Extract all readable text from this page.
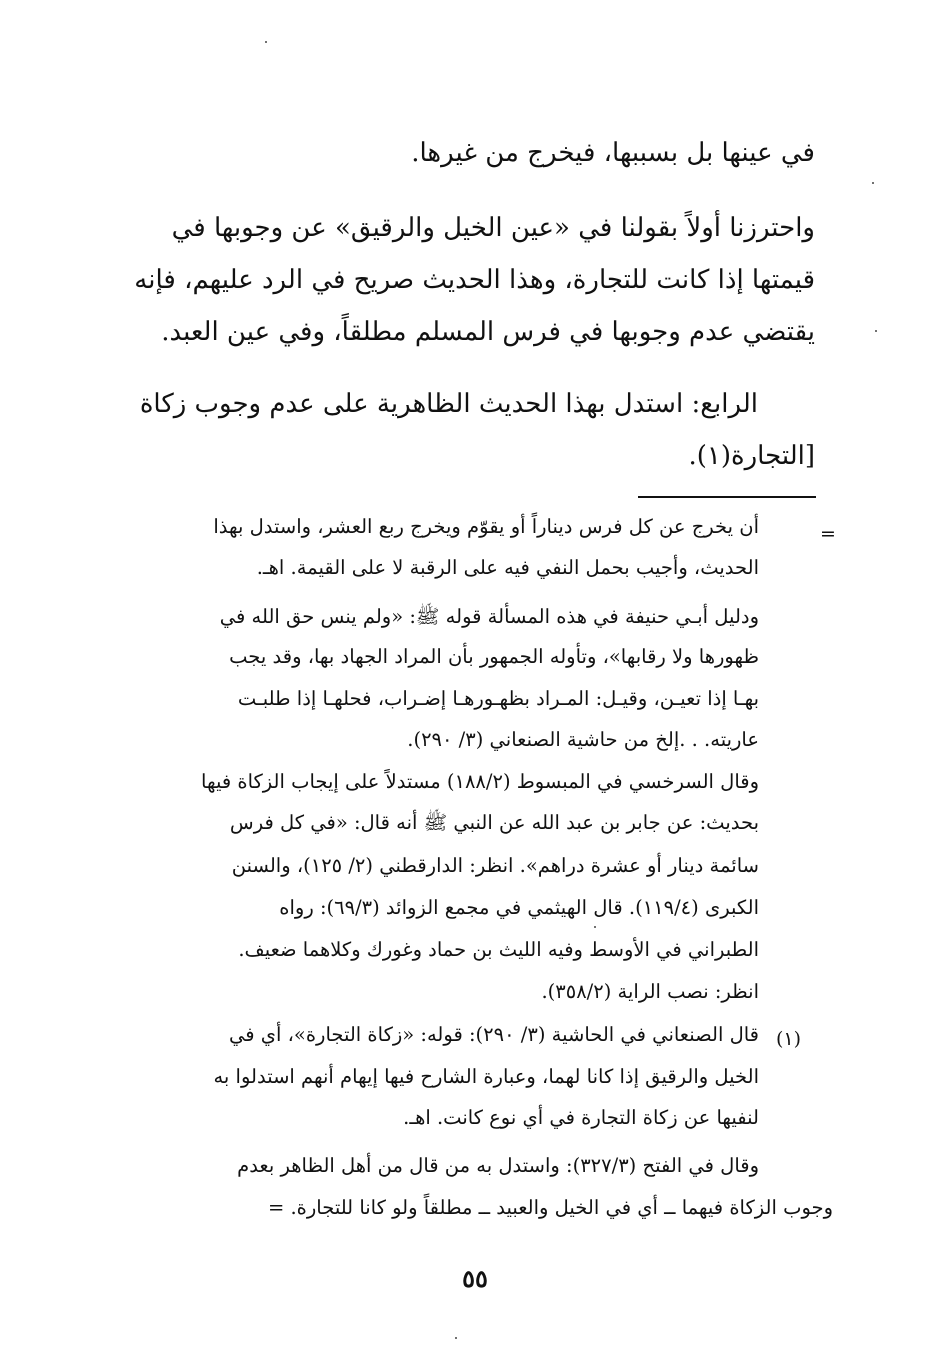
في عينها بل بسببها، فيخرج من غيرها.
واحترزنا أولاً بقولنا في «عين الخيل والرقيق» عن وجوبها في
قيمتها إذا كانت للتجارة، وهذا الحديث صريح في الرد عليهم، فإنه
يقتضي عدم وجوبها في فرس المسلم مطلقاً، وفي عين العبد.
الرابع: استدل بهذا الحديث الظاهرية على عدم وجوب زكاة
[التجارة(١).
=
أن يخرج عن كل فرس ديناراً أو يقوّم ويخرج ربع العشر، واستدل بهذا
الحديث، وأجيب بحمل النفي فيه على الرقبة لا على القيمة. اهـ.
ودليل أبـي حنيفة في هذه المسألة قوله ﷺ: «ولم ينس حق الله في
ظهورها ولا رقابها»، وتأوله الجمهور بأن المراد الجهاد بها، وقد يجب
بهـا إذا تعيـن، وقيـل: المـراد بظهـورهـا إضـراب، فحلهـا إذا طلبـت
عاريته. . .إلخ من حاشية الصنعاني (٣/ ٢٩٠).
وقال السرخسي في المبسوط (١٨٨/٢) مستدلاً على إيجاب الزكاة فيها
بحديث: عن جابر بن عبد الله عن النبي ﷺ أنه قال: «في كل فرس
سائمة دينار أو عشرة دراهم». انظر: الدارقطني (٢/ ١٢٥)، والسنن
الكبرى (١١٩/٤). قال الهيثمي في مجمع الزوائد (٦٩/٣): رواه
الطبراني في الأوسط وفيه الليث بن حماد وغورك وكلاهما ضعيف.
انظر: نصب الراية (٣٥٨/٢).
(١)
قال الصنعاني في الحاشية (٣/ ٢٩٠): قوله: «زكاة التجارة»، أي في
الخيل والرقيق إذا كانا لهما، وعبارة الشارح فيها إيهام أنهم استدلوا به
لنفيها عن زكاة التجارة في أي نوع كانت. اهـ.
وقال في الفتح (٣٢٧/٣): واستدل به من قال من أهل الظاهر بعدم
وجوب الزكاة فيهما ــ أي في الخيل والعبيد ــ مطلقاً ولو كانا للتجارة. =
٥٥
